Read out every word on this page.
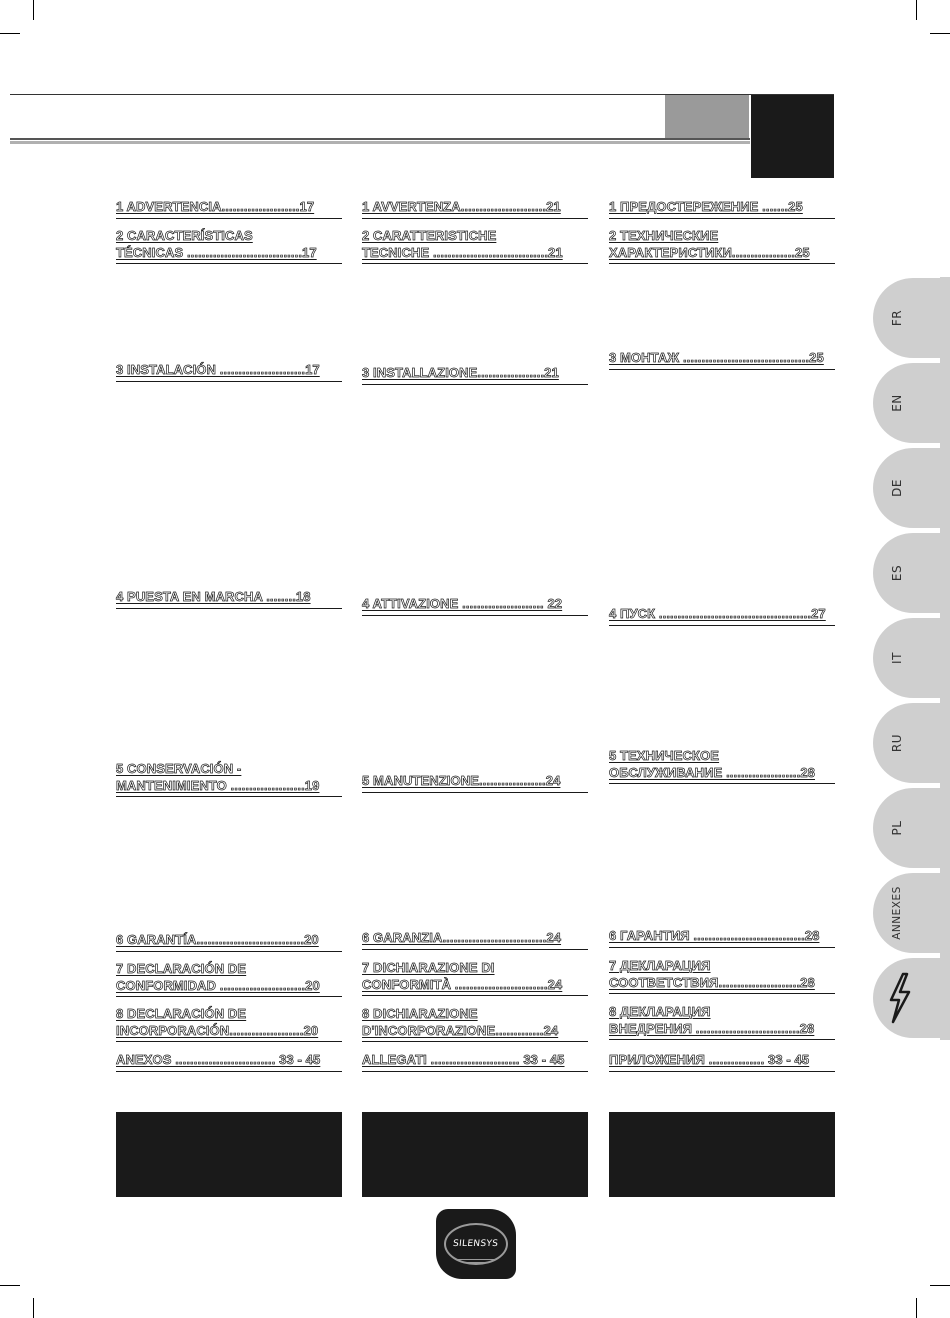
1 ADVERTENCIA.....................17
2 CARACTERÍSTICAS
TÉCNICAS ...............................17
3 INSTALACIÓN .......................17
4 PUESTA EN MARCHA ........18
5 CONSERVACIÓN -
MANTENIMIENTO ....................19
6 GARANTÍA.............................20
7 DECLARACIÓN DE
CONFORMIDAD .......................20
8 DECLARACIÓN DE
INCORPORACIÓN....................20
ANEXOS ........................... 33 - 45
1 AVVERTENZA.......................21
2 CARATTERISTICHE
TECNICHE ...............................21
3 INSTALLAZIONE..................21
4 ATTIVAZIONE ...................... 22
5 MANUTENZIONE..................24
6 GARANZIA............................24
7 DICHIARAZIONE DI
CONFORMITÀ .........................24
8 DICHIARAZIONE
D'INCORPORAZIONE.............24
ALLEGATI ........................ 33 - 45
1 ПРЕДОСТЕРЕЖЕНИЕ .......25
2 ТЕХНИЧЕСКИЕ
ХАРАКТЕРИСТИКИ.................25
3 МОНТАЖ ..................................25
4 ПУСК .........................................27
5 ТЕХНИЧЕСКОЕ
ОБСЛУЖИВАНИЕ ....................28
6 ГАРАНТИЯ ..............................28
7 ДЕКЛАРАЦИЯ
СООТВЕТСТВИЯ......................28
8 ДЕКЛАРАЦИЯ
ВНЕДРЕНИЯ ............................28
ПРИЛОЖЕНИЯ ............... 33 - 45
FR
EN
DE
ES
IT
RU
PL
ANNEXES
SILENSYS
